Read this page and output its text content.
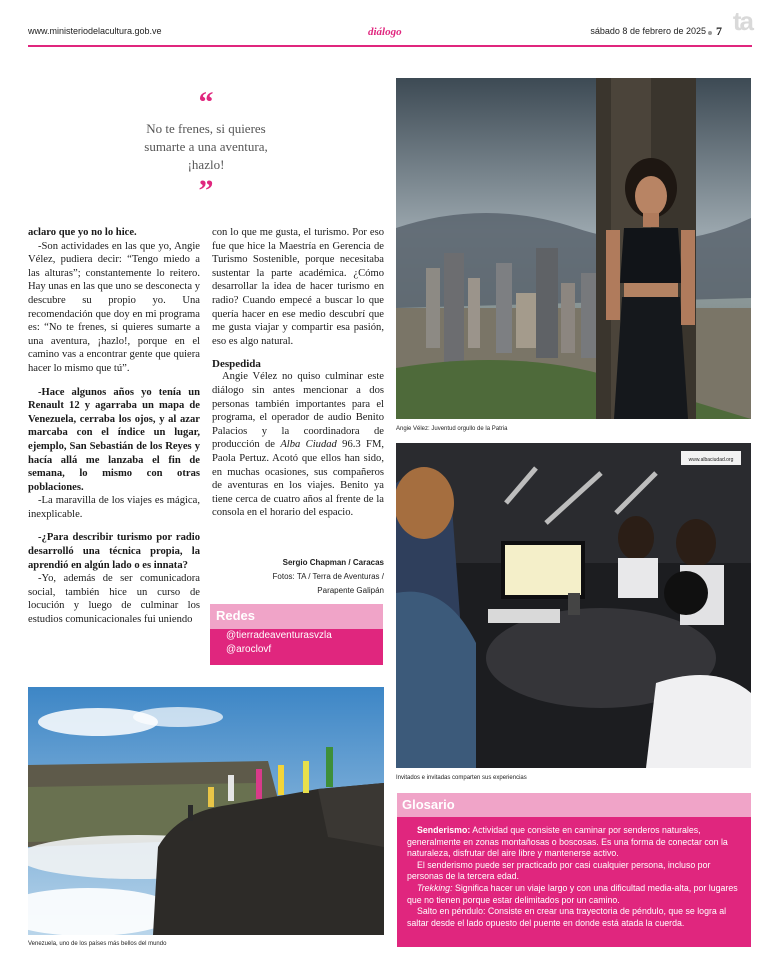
www.ministeriodelacultura.gob.ve	diálogo	sábado 8 de febrero de 2025 7 ta
“
No te frenes, si quieres
sumarte a una aventura,
¡hazlo!
”

aclaro que yo no lo hice.

-Son actividades en las que yo, Angie Vélez, pudiera decir: “Tengo miedo a las alturas”; constantemente lo reitero. Hay unas en las que uno se desconecta y descubre su propio yo. Una recomendación que doy en mi programa es: “No te frenes, si quieres sumarte a una aventura, ¡hazlo!, porque en el camino vas a encontrar gente que quiera hacer lo mismo que tú”.

-Hace algunos años yo tenía un Renault 12 y agarraba un mapa de Venezuela, cerraba los ojos, y al azar marcaba con el índice un lugar, ejemplo, San Sebastián de los Reyes y hacía allá me lanzaba el fin de semana, lo mismo con otras poblaciones.

-La maravilla de los viajes es mágica, inexplicable.

-¿Para describir turismo por radio desarrolló una técnica propia, la aprendió en algún lado o es innata?

-Yo, además de ser comunicadora social, también hice un curso de locución y luego de culminar los estudios comunicacionales fui uniendo

con lo que me gusta, el turismo. Por eso fue que hice la Maestría en Gerencia de Turismo Sostenible, porque necesitaba sustentar la parte académica. ¿Cómo desarrollar la idea de hacer turismo en radio? Cuando empecé a buscar lo que quería hacer en ese medio descubrí que me gusta viajar y compartir esa pasión, eso es algo natural.

Despedida

Angie Vélez no quiso culminar este diálogo sin antes mencionar a dos personas también importantes para el programa, el operador de audio Benito Palacios y la coordinadora de producción de Alba Ciudad 96.3 FM, Paola Pertuz. Acotó que ellos han sido, en muchas ocasiones, sus compañeros de aventuras en los viajes. Benito ya tiene cerca de cuatro años al frente de la consola en el horario del espacio.

Sergio Chapman / Caracas
Fotos: TA / Terra de Aventuras /
Parapente Galipán
Redes
@tierradeaventurasvzla
@aroclovf
Angie Vélez: Juventud orgullo de la Patria
www.albaciudad.org
Invitados e invitadas comparten sus experiencias
Venezuela, uno de los países más bellos del mundo
Glosario

Senderismo: Actividad que consiste en caminar por senderos naturales, generalmente en zonas montañosas o boscosas. Es una forma de conectar con la naturaleza, disfrutar del aire libre y mantenerse activo.

El senderismo puede ser practicado por casi cualquier persona, incluso por personas de la tercera edad.

Trekking: Significa hacer un viaje largo y con una dificultad media-alta, por lugares que no tienen porque estar delimitados por un camino.

Salto en péndulo: Consiste en crear una trayectoria de péndulo, que se logra al saltar desde el lado opuesto del puente en donde está atada la cuerda.
